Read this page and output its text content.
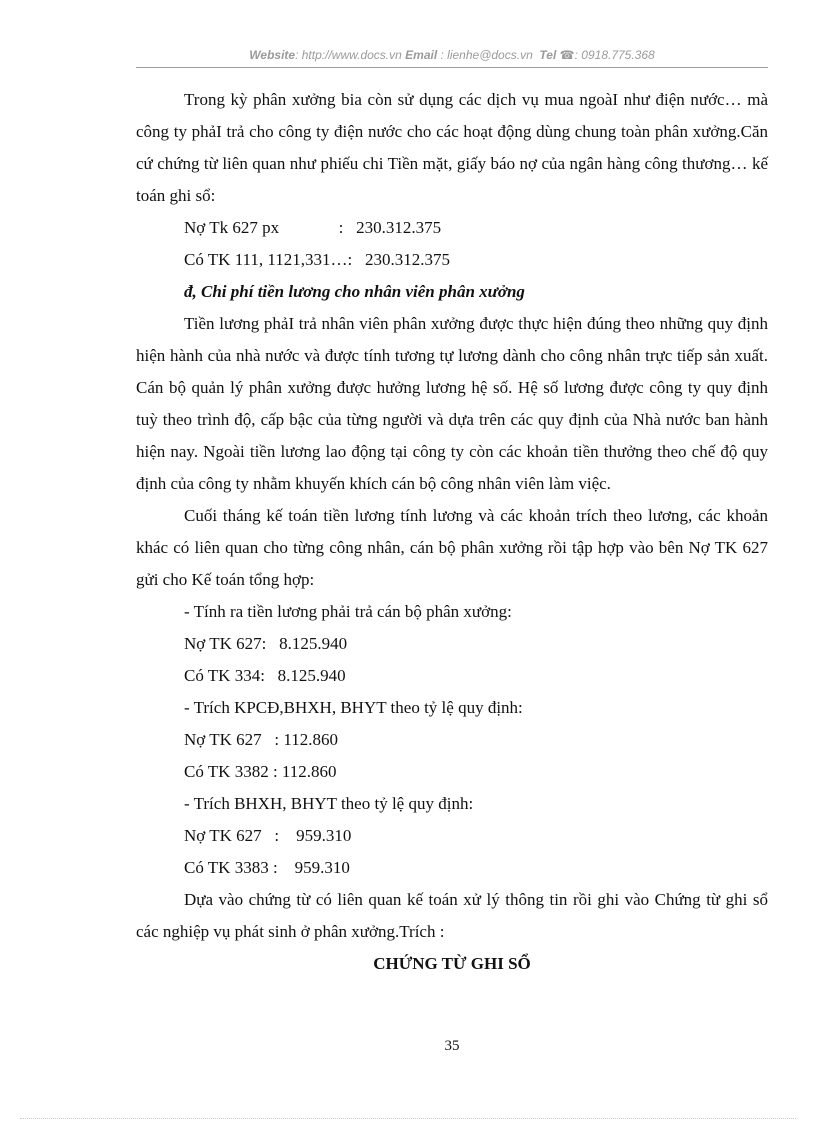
Website: http://www.docs.vn Email : lienhe@docs.vn Tel ☎: 0918.775.368

Trong kỳ phân xưởng bia còn sử dụng các dịch vụ mua ngoàI như điện nước… mà công ty phảI trả cho công ty điện nước cho các hoạt động dùng chung toàn phân xưởng.Căn cứ chứng từ liên quan như phiếu chi Tiền mặt, giấy báo nợ của ngân hàng công thương… kế toán ghi sổ:

Nợ Tk 627 px              :   230.312.375

Có TK 111, 1121,331…:   230.312.375

đ, Chi phí tiền lương cho nhân viên phân xưởng

Tiền lương phảI trả nhân viên phân xưởng được thực hiện đúng theo những quy định hiện hành của nhà nước và được tính tương tự lương dành cho công nhân trực tiếp sản xuất. Cán bộ quản lý phân xưởng được hưởng lương hệ số. Hệ số lương được công ty quy định tuỳ theo trình độ, cấp bậc của từng người và dựa trên các quy định của Nhà nước ban hành hiện nay. Ngoài tiền lương lao động tại công ty còn các khoản tiền thưởng theo chế độ quy định của công ty nhằm khuyến khích cán bộ công nhân viên làm việc.

Cuối tháng kế toán tiền lương tính lương và các khoản trích theo lương, các khoản khác có liên quan cho từng công nhân, cán bộ phân xưởng rồi tập hợp vào bên Nợ TK 627 gửi cho Kế toán tổng hợp:

- Tính ra tiền lương phải trả cán bộ phân xưởng:

Nợ TK 627:   8.125.940

Có TK 334:   8.125.940

- Trích KPCĐ,BHXH, BHYT theo tỷ lệ quy định:

Nợ TK 627   : 112.860

Có TK 3382 : 112.860

- Trích BHXH, BHYT theo tỷ lệ quy định:

Nợ TK 627   :    959.310

Có TK 3383 :    959.310

Dựa vào chứng từ có liên quan kế toán xử lý thông tin rồi ghi vào Chứng từ ghi sổ các nghiệp vụ phát sinh ở phân xưởng.Trích :

CHỨNG TỪ GHI SỔ

35
